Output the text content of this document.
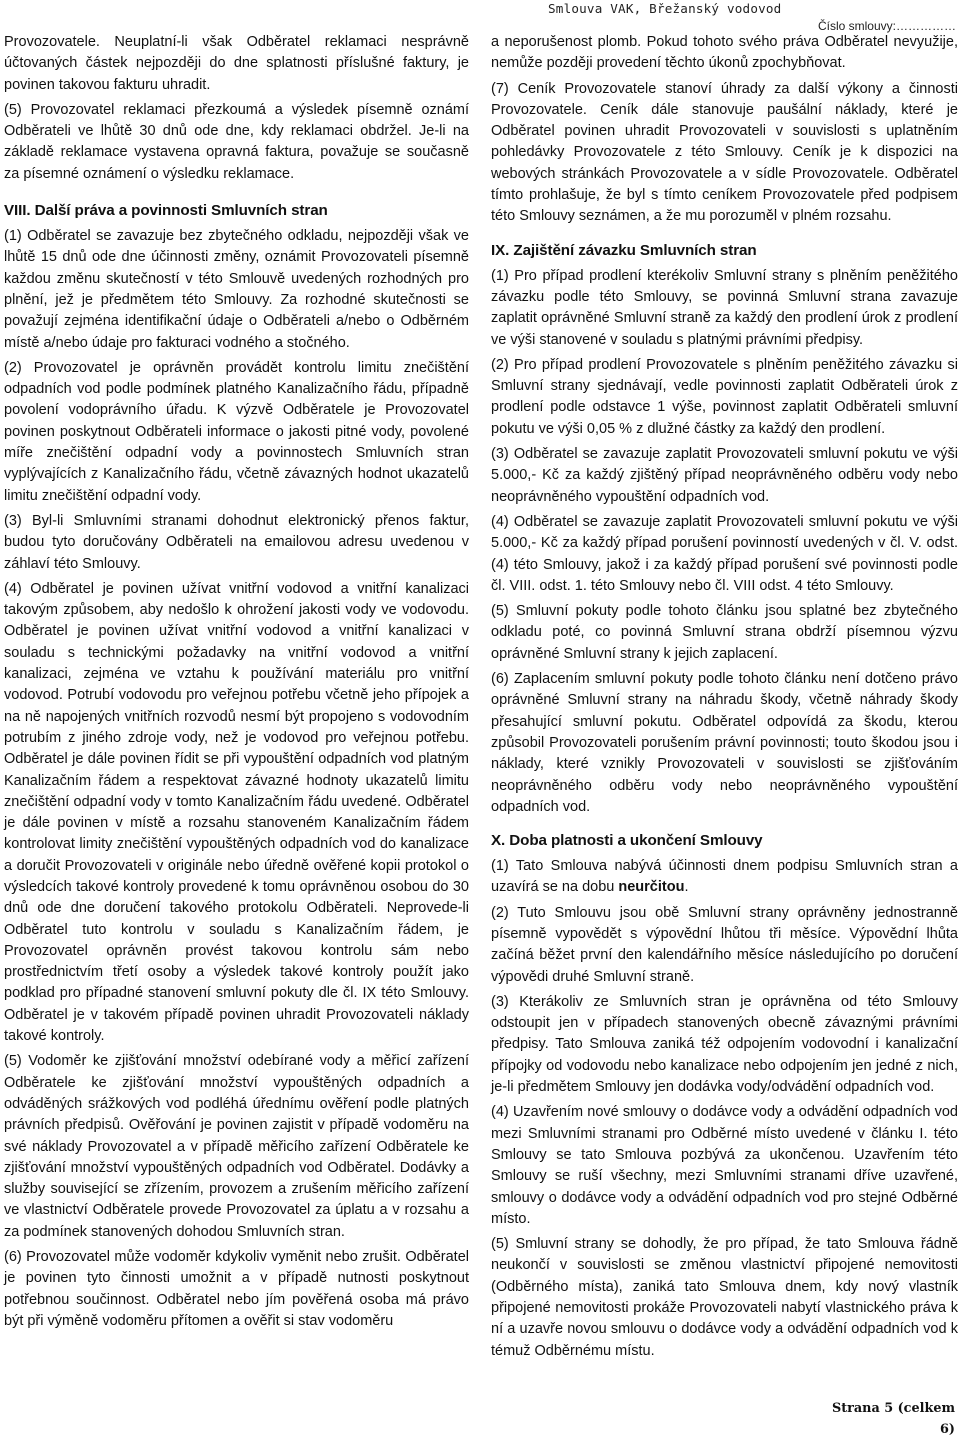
Smlouva VAK, Břežanský vodovod
Číslo smlouvy:……………

Provozovatele. Neuplatní-li však Odběratel reklamaci nesprávně účtovaných částek nejpozději do dne splatnosti příslušné faktury, je povinen takovou fakturu uhradit.

(5) Provozovatel reklamaci přezkoumá a výsledek písemně oznámí Odběrateli ve lhůtě 30 dnů ode dne, kdy reklamaci obdržel. Je-li na základě reklamace vystavena opravná faktura, považuje se současně za písemné oznámení o výsledku reklamace.

VIII. Další práva a povinnosti Smluvních stran

(1) Odběratel se zavazuje bez zbytečného odkladu, nejpozději však ve lhůtě 15 dnů ode dne účinnosti změny, oznámit Provozovateli písemně každou změnu skutečností v této Smlouvě uvedených rozhodných pro plnění, jež je předmětem této Smlouvy. Za rozhodné skutečnosti se považují zejména identifikační údaje o Odběrateli a/nebo o Odběrném místě a/nebo údaje pro fakturaci vodného a stočného.

(2) Provozovatel je oprávněn provádět kontrolu limitu znečištění odpadních vod podle podmínek platného Kanalizačního řádu, případně povolení vodoprávního úřadu. K výzvě Odběratele je Provozovatel povinen poskytnout Odběrateli informace o jakosti pitné vody, povolené míře znečištění odpadní vody a povinnostech Smluvních stran vyplývajících z Kanalizačního řádu, včetně závazných hodnot ukazatelů limitu znečištění odpadní vody.

(3) Byl-li Smluvními stranami dohodnut elektronický přenos faktur, budou tyto doručovány Odběrateli na emailovou adresu uvedenou v záhlaví této Smlouvy.

(4) Odběratel je povinen užívat vnitřní vodovod a vnitřní kanalizaci takovým způsobem, aby nedošlo k ohrožení jakosti vody ve vodovodu. Odběratel je povinen užívat vnitřní vodovod a vnitřní kanalizaci v souladu s technickými požadavky na vnitřní vodovod a vnitřní kanalizaci, zejména ve vztahu k používání materiálu pro vnitřní vodovod. Potrubí vodovodu pro veřejnou potřebu včetně jeho přípojek a na ně napojených vnitřních rozvodů nesmí být propojeno s vodovodním potrubím z jiného zdroje vody, než je vodovod pro veřejnou potřebu. Odběratel je dále povinen řídit se při vypouštění odpadních vod platným Kanalizačním řádem a respektovat závazné hodnoty ukazatelů limitu znečištění odpadní vody v tomto Kanalizačním řádu uvedené. Odběratel je dále povinen v místě a rozsahu stanoveném Kanalizačním řádem kontrolovat limity znečištění vypouštěných odpadních vod do kanalizace a doručit Provozovateli v originále nebo úředně ověřené kopii protokol o výsledcích takové kontroly provedené k tomu oprávněnou osobou do 30 dnů ode dne doručení takového protokolu Odběrateli. Neprovede-li Odběratel tuto kontrolu v souladu s Kanalizačním řádem, je Provozovatel oprávněn provést takovou kontrolu sám nebo prostřednictvím třetí osoby a výsledek takové kontroly použít jako podklad pro případné stanovení smluvní pokuty dle čl. IX této Smlouvy. Odběratel je v takovém případě povinen uhradit Provozovateli náklady takové kontroly.

(5) Vodoměr ke zjišťování množství odebírané vody a měřicí zařízení Odběratele ke zjišťování množství vypouštěných odpadních a odváděných srážkových vod podléhá úřednímu ověření podle platných právních předpisů. Ověřování je povinen zajistit v případě vodoměru na své náklady Provozovatel a v případě měřicího zařízení Odběratele ke zjišťování množství vypouštěných odpadních vod Odběratel. Dodávky a služby související se zřízením, provozem a zrušením měřicího zařízení ve vlastnictví Odběratele provede Provozovatel za úplatu a v rozsahu a za podmínek stanovených dohodou Smluvních stran.

(6) Provozovatel může vodoměr kdykoliv vyměnit nebo zrušit. Odběratel je povinen tyto činnosti umožnit a v případě nutnosti poskytnout potřebnou součinnost. Odběratel nebo jím pověřená osoba má právo být při výměně vodoměru přítomen a ověřit si stav vodoměru

a neporušenost plomb. Pokud tohoto svého práva Odběratel nevyužije, nemůže později provedení těchto úkonů zpochybňovat.

(7) Ceník Provozovatele stanoví úhrady za další výkony a činnosti Provozovatele. Ceník dále stanovuje paušální náklady, které je Odběratel povinen uhradit Provozovateli v souvislosti s uplatněním pohledávky Provozovatele z této Smlouvy. Ceník je k dispozici na webových stránkách Provozovatele a v sídle Provozovatele. Odběratel tímto prohlašuje, že byl s tímto ceníkem Provozovatele před podpisem této Smlouvy seznámen, a že mu porozuměl v plném rozsahu.

IX. Zajištění závazku Smluvních stran

(1) Pro případ prodlení kterékoliv Smluvní strany s plněním peněžitého závazku podle této Smlouvy, se povinná Smluvní strana zavazuje zaplatit oprávněné Smluvní straně za každý den prodlení úrok z prodlení ve výši stanovené v souladu s platnými právními předpisy.

(2) Pro případ prodlení Provozovatele s plněním peněžitého závazku si Smluvní strany sjednávají, vedle povinnosti zaplatit Odběrateli úrok z prodlení podle odstavce 1 výše, povinnost zaplatit Odběrateli smluvní pokutu ve výši 0,05 % z dlužné částky za každý den prodlení.

(3) Odběratel se zavazuje zaplatit Provozovateli smluvní pokutu ve výši 5.000,- Kč za každý zjištěný případ neoprávněného odběru vody nebo neoprávněného vypouštění odpadních vod.

(4) Odběratel se zavazuje zaplatit Provozovateli smluvní pokutu ve výši 5.000,- Kč za každý případ porušení povinností uvedených v čl. V. odst. (4) této Smlouvy, jakož i za každý případ porušení své povinnosti podle čl. VIII. odst. 1. této Smlouvy nebo čl. VIII odst. 4 této Smlouvy.

(5) Smluvní pokuty podle tohoto článku jsou splatné bez zbytečného odkladu poté, co povinná Smluvní strana obdrží písemnou výzvu oprávněné Smluvní strany k jejich zaplacení.

(6) Zaplacením smluvní pokuty podle tohoto článku není dotčeno právo oprávněné Smluvní strany na náhradu škody, včetně náhrady škody přesahující smluvní pokutu. Odběratel odpovídá za škodu, kterou způsobil Provozovateli porušením právní povinnosti; touto škodou jsou i náklady, které vznikly Provozovateli v souvislosti se zjišťováním neoprávněného odběru vody nebo neoprávněného vypouštění odpadních vod.

X. Doba platnosti a ukončení Smlouvy

(1) Tato Smlouva nabývá účinnosti dnem podpisu Smluvních stran a uzavírá se na dobu neurčitou.

(2) Tuto Smlouvu jsou obě Smluvní strany oprávněny jednostranně písemně vypovědět s výpovědní lhůtou tři měsíce. Výpovědní lhůta začíná běžet první den kalendářního měsíce následujícího po doručení výpovědi druhé Smluvní straně.

(3) Kterákoliv ze Smluvních stran je oprávněna od této Smlouvy odstoupit jen v případech stanovených obecně závaznými právními předpisy. Tato Smlouva zaniká též odpojením vodovodní i kanalizační přípojky od vodovodu nebo kanalizace nebo odpojením jen jedné z nich, je-li předmětem Smlouvy jen dodávka vody/odvádění odpadních vod.

(4) Uzavřením nové smlouvy o dodávce vody a odvádění odpadních vod mezi Smluvními stranami pro Odběrné místo uvedené v článku I. této Smlouvy se tato Smlouva pozbývá za ukončenou. Uzavřením této Smlouvy se ruší všechny, mezi Smluvními stranami dříve uzavřené, smlouvy o dodávce vody a odvádění odpadních vod pro stejné Odběrné místo.

(5) Smluvní strany se dohodly, že pro případ, že tato Smlouva řádně neukončí v souvislosti se změnou vlastnictví připojené nemovitosti (Odběrného místa), zaniká tato Smlouva dnem, kdy nový vlastník připojené nemovitosti prokáže Provozovateli nabytí vlastnického práva k ní a uzavře novou smlouvu o dodávce vody a odvádění odpadních vod k témuž Odběrnému místu.

Strana 5 (celkem 6)
